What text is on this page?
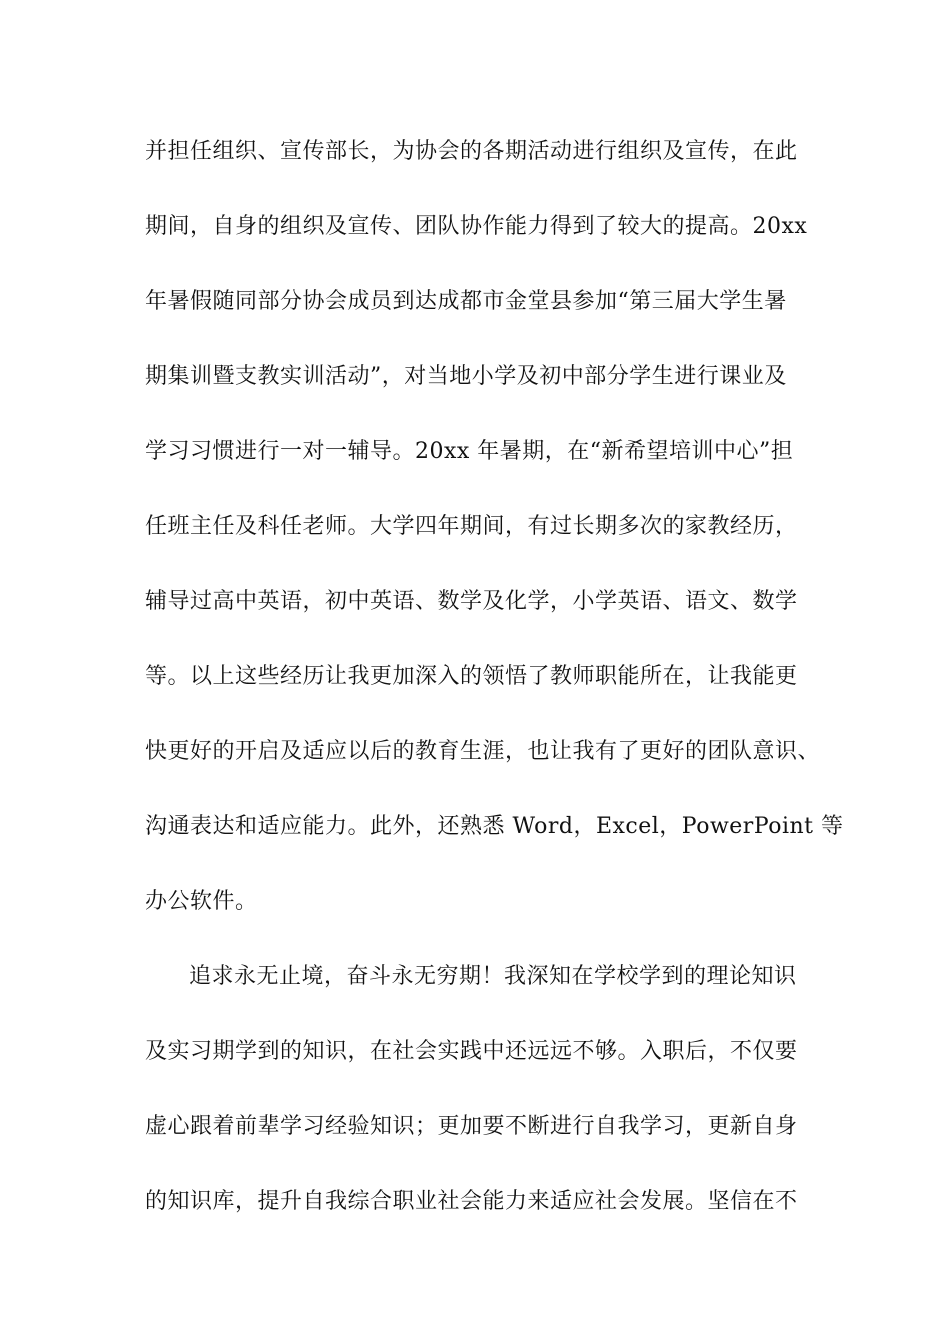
并担任组织、宣传部长，为协会的各期活动进行组织及宣传，在此
期间，自身的组织及宣传、团队协作能力得到了较大的提高。20xx
年暑假随同部分协会成员到达成都市金堂县参加“第三届大学生暑
期集训暨支教实训活动”，对当地小学及初中部分学生进行课业及
学习习惯进行一对一辅导。20xx 年暑期，在“新希望培训中心”担
任班主任及科任老师。大学四年期间，有过长期多次的家教经历，
辅导过高中英语，初中英语、数学及化学，小学英语、语文、数学
等。以上这些经历让我更加深入的领悟了教师职能所在，让我能更
快更好的开启及适应以后的教育生涯，也让我有了更好的团队意识、
沟通表达和适应能力。此外，还熟悉 Word，Excel，PowerPoint 等
办公软件。
追求永无止境，奋斗永无穷期！我深知在学校学到的理论知识
及实习期学到的知识，在社会实践中还远远不够。入职后，不仅要
虚心跟着前辈学习经验知识；更加要不断进行自我学习，更新自身
的知识库，提升自我综合职业社会能力来适应社会发展。坚信在不
